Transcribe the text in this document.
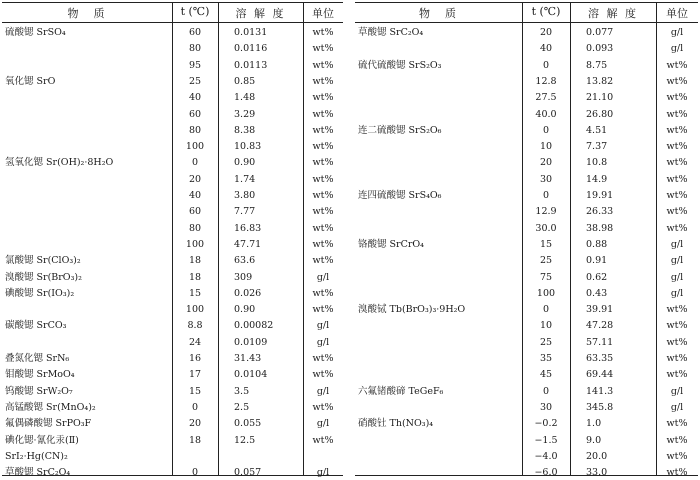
物　质	t (℃)	溶 解 度	单位
硫酸锶 SrSO₄	60	0.0131	wt%
80	0.0116	wt%
95	0.0113	wt%
氧化锶 SrO	25	0.85	wt%
40	1.48	wt%
60	3.29	wt%
80	8.38	wt%
100	10.83	wt%
氢氧化锶 Sr(OH)₂·8H₂O	0	0.90	wt%
20	1.74	wt%
40	3.80	wt%
60	7.77	wt%
80	16.83	wt%
100	47.71	wt%
氯酸锶 Sr(ClO₃)₂	18	63.6	wt%
溴酸锶 Sr(BrO₃)₂	18	309	g/l
碘酸锶 Sr(IO₃)₂	15	0.026	wt%
100	0.90	wt%
碳酸锶 SrCO₃	8.8	0.00082	g/l
24	0.0109	g/l
叠氮化锶 SrN₆	16	31.43	wt%
钼酸锶 SrMoO₄	17	0.0104	wt%
钨酸锶 SrW₂O₇	15	3.5	g/l
高锰酸锶 Sr(MnO₄)₂	0	2.5	wt%
氟偶磷酸锶 SrPO₃F	20	0.055	g/l
碘化锶·氰化汞(Ⅱ)	18	12.5	wt%
SrI₂·Hg(CN)₂
草酸锶 SrC₂O₄	0	0.057	g/l
物　质	t (℃)	溶 解 度	单位
草酸锶 SrC₂O₄	20	0.077	g/l
40	0.093	g/l
硫代硫酸锶 SrS₂O₃	0	8.75	wt%
12.8	13.82	wt%
27.5	21.10	wt%
40.0	26.80	wt%
连二硫酸锶 SrS₂O₆	0	4.51	wt%
10	7.37	wt%
20	10.8	wt%
30	14.9	wt%
连四硫酸锶 SrS₄O₆	0	19.91	wt%
12.9	26.33	wt%
30.0	38.98	wt%
铬酸锶 SrCrO₄	15	0.88	g/l
25	0.91	g/l
75	0.62	g/l
100	0.43	g/l
溴酸铽 Tb(BrO₃)₃·9H₂O	0	39.91	wt%
10	47.28	wt%
25	57.11	wt%
35	63.35	wt%
45	69.44	wt%
六氟锗酸碲 TeGeF₆	0	141.3	g/l
30	345.8	g/l
硝酸钍 Th(NO₃)₄	−0.2	1.0	wt%
−1.5	9.0	wt%
−4.0	20.0	wt%
−6.0	33.0	wt%
